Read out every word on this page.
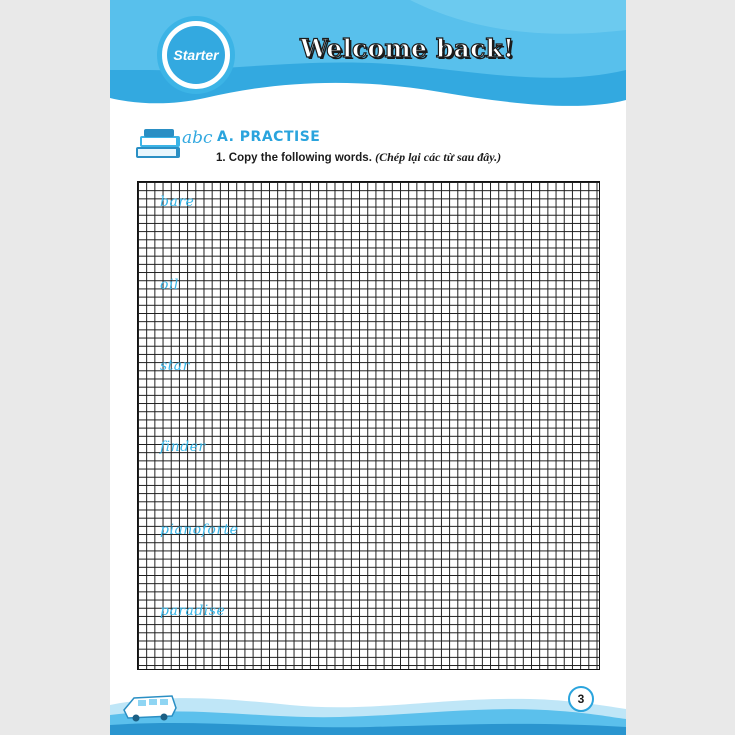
Starter	Welcome back!
abc A. PRACTISE
1. Copy the following words. (Chép lại các từ sau đây.)
bare
oil
star
finder
pianoforte
paradise
3
